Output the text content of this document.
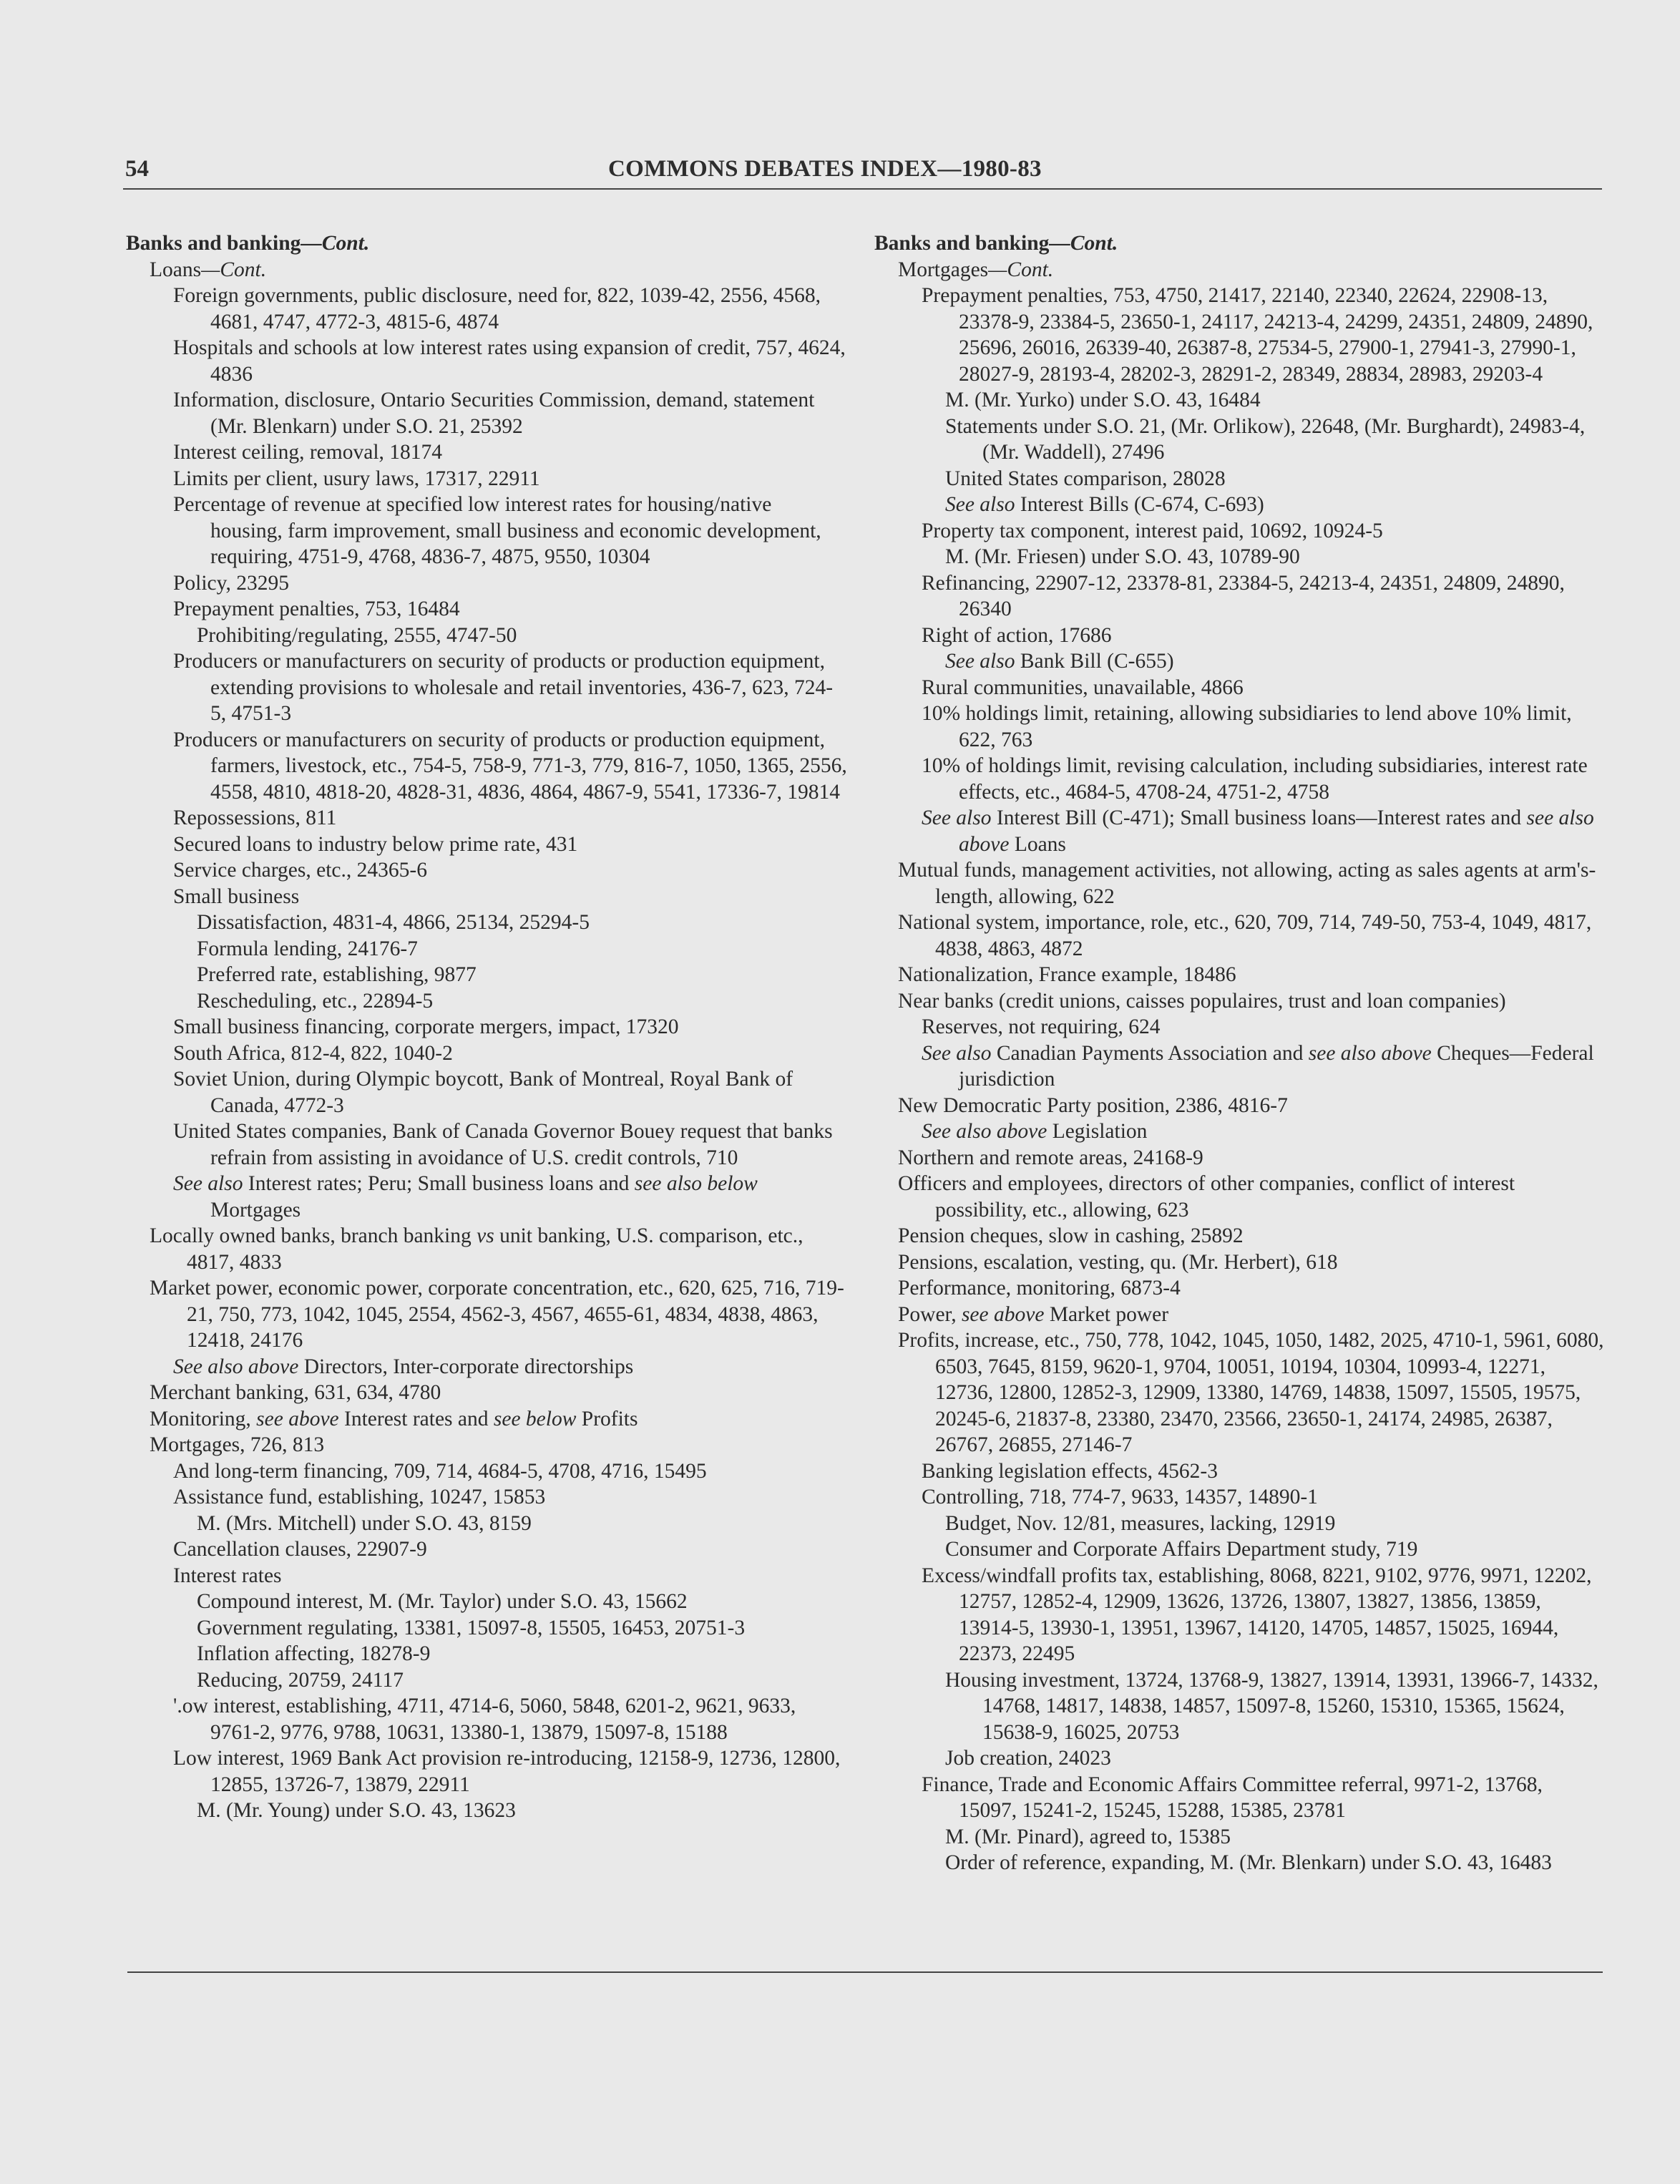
54	COMMONS DEBATES INDEX—1980-83
Banks and banking—Cont.
Loans—Cont.
Foreign governments, public disclosure, need for, 822, 1039-42, 2556, 4568, 4681, 4747, 4772-3, 4815-6, 4874
Hospitals and schools at low interest rates using expansion of credit, 757, 4624, 4836
Information, disclosure, Ontario Securities Commission, demand, statement (Mr. Blenkarn) under S.O. 21, 25392
Interest ceiling, removal, 18174
Limits per client, usury laws, 17317, 22911
Percentage of revenue at specified low interest rates for housing/native housing, farm improvement, small business and economic development, requiring, 4751-9, 4768, 4836-7, 4875, 9550, 10304
Policy, 23295
Prepayment penalties, 753, 16484
Prohibiting/regulating, 2555, 4747-50
Producers or manufacturers on security of products or production equipment, extending provisions to wholesale and retail inventories, 436-7, 623, 724-5, 4751-3
Producers or manufacturers on security of products or production equipment, farmers, livestock, etc., 754-5, 758-9, 771-3, 779, 816-7, 1050, 1365, 2556, 4558, 4810, 4818-20, 4828-31, 4836, 4864, 4867-9, 5541, 17336-7, 19814
Repossessions, 811
Secured loans to industry below prime rate, 431
Service charges, etc., 24365-6
Small business
Dissatisfaction, 4831-4, 4866, 25134, 25294-5
Formula lending, 24176-7
Preferred rate, establishing, 9877
Rescheduling, etc., 22894-5
Small business financing, corporate mergers, impact, 17320
South Africa, 812-4, 822, 1040-2
Soviet Union, during Olympic boycott, Bank of Montreal, Royal Bank of Canada, 4772-3
United States companies, Bank of Canada Governor Bouey request that banks refrain from assisting in avoidance of U.S. credit controls, 710
See also Interest rates; Peru; Small business loans and see also below Mortgages
Locally owned banks, branch banking vs unit banking, U.S. comparison, etc., 4817, 4833
Market power, economic power, corporate concentration, etc., 620, 625, 716, 719-21, 750, 773, 1042, 1045, 2554, 4562-3, 4567, 4655-61, 4834, 4838, 4863, 12418, 24176
See also above Directors, Inter-corporate directorships
Merchant banking, 631, 634, 4780
Monitoring, see above Interest rates and see below Profits
Mortgages, 726, 813
And long-term financing, 709, 714, 4684-5, 4708, 4716, 15495
Assistance fund, establishing, 10247, 15853
M. (Mrs. Mitchell) under S.O. 43, 8159
Cancellation clauses, 22907-9
Interest rates
Compound interest, M. (Mr. Taylor) under S.O. 43, 15662
Government regulating, 13381, 15097-8, 15505, 16453, 20751-3
Inflation affecting, 18278-9
Reducing, 20759, 24117
'.ow interest, establishing, 4711, 4714-6, 5060, 5848, 6201-2, 9621, 9633, 9761-2, 9776, 9788, 10631, 13380-1, 13879, 15097-8, 15188
Low interest, 1969 Bank Act provision re-introducing, 12158-9, 12736, 12800, 12855, 13726-7, 13879, 22911
M. (Mr. Young) under S.O. 43, 13623
Banks and banking—Cont.
Mortgages—Cont.
Prepayment penalties, 753, 4750, 21417, 22140, 22340, 22624, 22908-13, 23378-9, 23384-5, 23650-1, 24117, 24213-4, 24299, 24351, 24809, 24890, 25696, 26016, 26339-40, 26387-8, 27534-5, 27900-1, 27941-3, 27990-1, 28027-9, 28193-4, 28202-3, 28291-2, 28349, 28834, 28983, 29203-4
M. (Mr. Yurko) under S.O. 43, 16484
Statements under S.O. 21, (Mr. Orlikow), 22648, (Mr. Burghardt), 24983-4, (Mr. Waddell), 27496
United States comparison, 28028
See also Interest Bills (C-674, C-693)
Property tax component, interest paid, 10692, 10924-5
M. (Mr. Friesen) under S.O. 43, 10789-90
Refinancing, 22907-12, 23378-81, 23384-5, 24213-4, 24351, 24809, 24890, 26340
Right of action, 17686
See also Bank Bill (C-655)
Rural communities, unavailable, 4866
10% holdings limit, retaining, allowing subsidiaries to lend above 10% limit, 622, 763
10% of holdings limit, revising calculation, including subsidiaries, interest rate effects, etc., 4684-5, 4708-24, 4751-2, 4758
See also Interest Bill (C-471); Small business loans—Interest rates and see also above Loans
Mutual funds, management activities, not allowing, acting as sales agents at arm's-length, allowing, 622
National system, importance, role, etc., 620, 709, 714, 749-50, 753-4, 1049, 4817, 4838, 4863, 4872
Nationalization, France example, 18486
Near banks (credit unions, caisses populaires, trust and loan companies)
Reserves, not requiring, 624
See also Canadian Payments Association and see also above Cheques—Federal jurisdiction
New Democratic Party position, 2386, 4816-7
See also above Legislation
Northern and remote areas, 24168-9
Officers and employees, directors of other companies, conflict of interest possibility, etc., allowing, 623
Pension cheques, slow in cashing, 25892
Pensions, escalation, vesting, qu. (Mr. Herbert), 618
Performance, monitoring, 6873-4
Power, see above Market power
Profits, increase, etc., 750, 778, 1042, 1045, 1050, 1482, 2025, 4710-1, 5961, 6080, 6503, 7645, 8159, 9620-1, 9704, 10051, 10194, 10304, 10993-4, 12271, 12736, 12800, 12852-3, 12909, 13380, 14769, 14838, 15097, 15505, 19575, 20245-6, 21837-8, 23380, 23470, 23566, 23650-1, 24174, 24985, 26387, 26767, 26855, 27146-7
Banking legislation effects, 4562-3
Controlling, 718, 774-7, 9633, 14357, 14890-1
Budget, Nov. 12/81, measures, lacking, 12919
Consumer and Corporate Affairs Department study, 719
Excess/windfall profits tax, establishing, 8068, 8221, 9102, 9776, 9971, 12202, 12757, 12852-4, 12909, 13626, 13726, 13807, 13827, 13856, 13859, 13914-5, 13930-1, 13951, 13967, 14120, 14705, 14857, 15025, 16944, 22373, 22495
Housing investment, 13724, 13768-9, 13827, 13914, 13931, 13966-7, 14332, 14768, 14817, 14838, 14857, 15097-8, 15260, 15310, 15365, 15624, 15638-9, 16025, 20753
Job creation, 24023
Finance, Trade and Economic Affairs Committee referral, 9971-2, 13768, 15097, 15241-2, 15245, 15288, 15385, 23781
M. (Mr. Pinard), agreed to, 15385
Order of reference, expanding, M. (Mr. Blenkarn) under S.O. 43, 16483
